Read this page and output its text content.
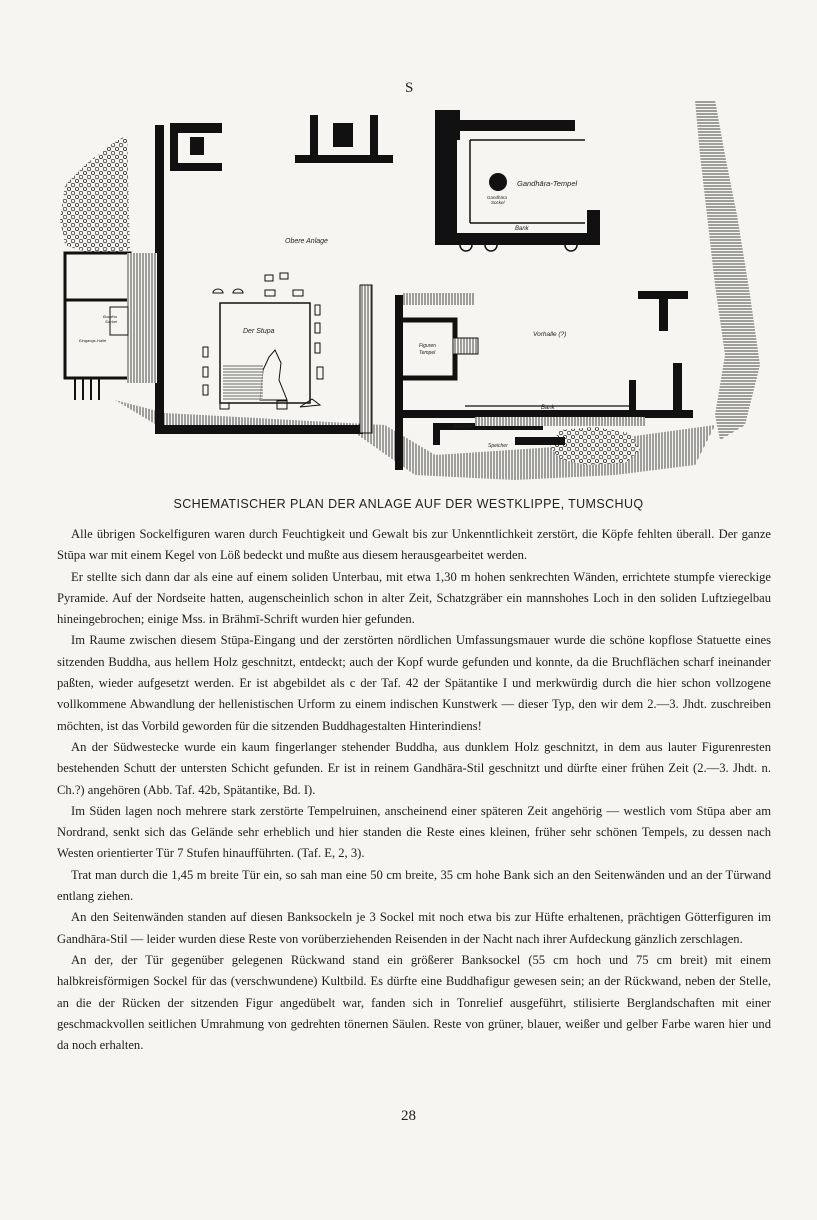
S
Gandhāra-Tempel
Gandhāra
Sockel
Bank
Obere Anlage
Buddha
Sockel
Eingangs-Halle
Der Stupa
Figuren
Tempel
Vorhalle (?)
Bank
Speicher
Speicher
SCHEMATISCHER PLAN DER ANLAGE AUF DER WESTKLIPPE, TUMSCHUQ

Alle übrigen Sockelfiguren waren durch Feuchtigkeit und Gewalt bis zur Unkenntlichkeit zerstört, die Köpfe fehlten überall. Der ganze Stūpa war mit einem Kegel von Löß bedeckt und mußte aus diesem herausgearbeitet werden.

Er stellte sich dann dar als eine auf einem soliden Unterbau, mit etwa 1,30 m hohen senkrechten Wänden, errichtete stumpfe viereckige Pyramide. Auf der Nordseite hatten, augenscheinlich schon in alter Zeit, Schatzgräber ein mannshohes Loch in den soliden Luftziegelbau hineingebrochen; einige Mss. in Brāhmī-Schrift wurden hier gefunden.

Im Raume zwischen diesem Stūpa-Eingang und der zerstörten nördlichen Umfassungsmauer wurde die schöne kopflose Statuette eines sitzenden Buddha, aus hellem Holz geschnitzt, entdeckt; auch der Kopf wurde gefunden und konnte, da die Bruchflächen scharf ineinander paßten, wieder aufgesetzt werden. Er ist abgebildet als c der Taf. 42 der Spätantike I und merkwürdig durch die hier schon vollzogene vollkommene Abwandlung der hellenistischen Urform zu einem indischen Kunstwerk — dieser Typ, den wir dem 2.—3. Jhdt. zuschreiben möchten, ist das Vorbild geworden für die sitzenden Buddhagestalten Hinterindiens!

An der Südwestecke wurde ein kaum fingerlanger stehender Buddha, aus dunklem Holz geschnitzt, in dem aus lauter Figurenresten bestehenden Schutt der untersten Schicht gefunden. Er ist in reinem Gandhāra-Stil geschnitzt und dürfte einer frühen Zeit (2.—3. Jhdt. n. Ch.?) angehören (Abb. Taf. 42b, Spätantike, Bd. I).

Im Süden lagen noch mehrere stark zerstörte Tempelruinen, anscheinend einer späteren Zeit angehörig — westlich vom Stūpa aber am Nordrand, senkt sich das Gelände sehr erheblich und hier standen die Reste eines kleinen, früher sehr schönen Tempels, zu dessen nach Westen orientierter Tür 7 Stufen hinaufführten. (Taf. E, 2, 3).

Trat man durch die 1,45 m breite Tür ein, so sah man eine 50 cm breite, 35 cm hohe Bank sich an den Seitenwänden und an der Türwand entlang ziehen.

An den Seitenwänden standen auf diesen Banksockeln je 3 Sockel mit noch etwa bis zur Hüfte erhaltenen, prächtigen Götterfiguren im Gandhāra-Stil — leider wurden diese Reste von vorüberziehenden Reisenden in der Nacht nach ihrer Aufdeckung gänzlich zerschlagen.

An der, der Tür gegenüber gelegenen Rückwand stand ein größerer Banksockel (55 cm hoch und 75 cm breit) mit einem halbkreisförmigen Sockel für das (verschwundene) Kultbild. Es dürfte eine Buddhafigur gewesen sein; an der Rückwand, neben der Stelle, an die der Rücken der sitzenden Figur angedübelt war, fanden sich in Tonrelief ausgeführt, stilisierte Berglandschaften mit einer geschmackvollen seitlichen Umrahmung von gedrehten tönernen Säulen. Reste von grüner, blauer, weißer und gelber Farbe waren hier und da noch erhalten.

28
